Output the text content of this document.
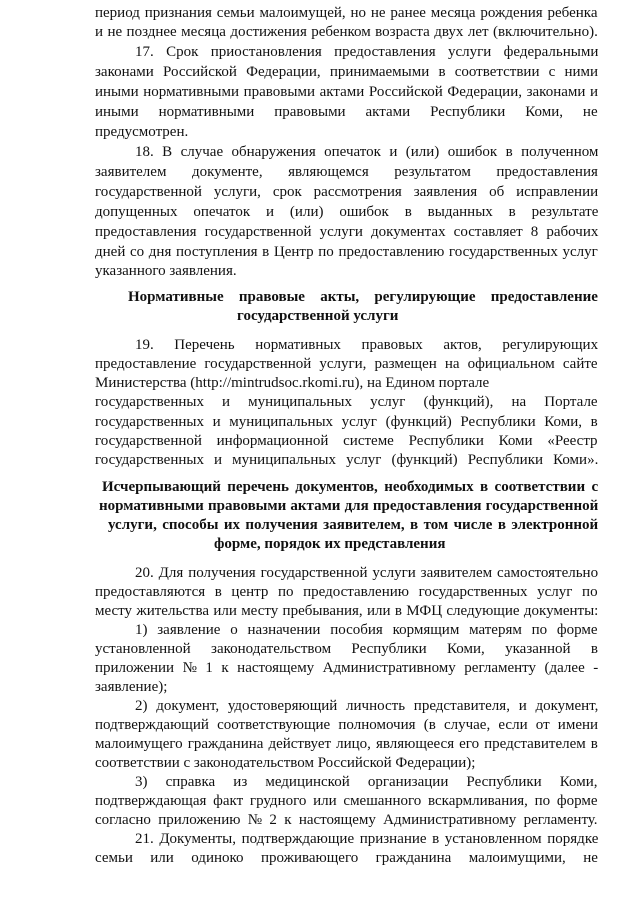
период признания семьи малоимущей, но не ранее месяца рождения ребенка
и не позднее месяца достижения ребенком возраста двух лет (включительно).
17. Срок приостановления предоставления услуги федеральными
законами Российской Федерации, принимаемыми в соответствии с ними
иными нормативными правовыми актами Российской Федерации, законами и
иными нормативными правовыми актами Республики Коми, не
предусмотрен.
18. В случае обнаружения опечаток и (или) ошибок в полученном
заявителем документе, являющемся результатом предоставления
государственной услуги, срок рассмотрения заявления об исправлении
допущенных опечаток и (или) ошибок в выданных в результате
предоставления государственной услуги документах составляет 8 рабочих
дней со дня поступления в Центр по предоставлению государственных услуг
указанного заявления.
Нормативные правовые акты, регулирующие предоставление
государственной услуги
19. Перечень нормативных правовых актов, регулирующих
предоставление государственной услуги, размещен на официальном сайте
Министерства (http://mintrudsoc.rkomi.ru), на Едином портале
государственных и муниципальных услуг (функций), на Портале
государственных и муниципальных услуг (функций) Республики Коми, в
государственной информационной системе Республики Коми «Реестр
государственных и муниципальных услуг (функций) Республики Коми».
Исчерпывающий перечень документов, необходимых в соответствии с
нормативными правовыми актами для предоставления государственной
услуги, способы их получения заявителем, в том числе в электронной
форме, порядок их представления
20. Для получения государственной услуги заявителем самостоятельно
предоставляются в центр по предоставлению государственных услуг по
месту жительства или месту пребывания, или в МФЦ следующие документы:
1) заявление о назначении пособия кормящим матерям по форме
установленной законодательством Республики Коми, указанной в
приложении № 1 к настоящему Административному регламенту (далее -
заявление);
2) документ, удостоверяющий личность представителя, и документ,
подтверждающий соответствующие полномочия (в случае, если от имени
малоимущего гражданина действует лицо, являющееся его представителем в
соответствии с законодательством Российской Федерации);
3) справка из медицинской организации Республики Коми,
подтверждающая факт грудного или смешанного вскармливания, по форме
согласно приложению № 2 к настоящему Административному регламенту.
21. Документы, подтверждающие признание в установленном порядке
семьи или одиноко проживающего гражданина малоимущими, не
